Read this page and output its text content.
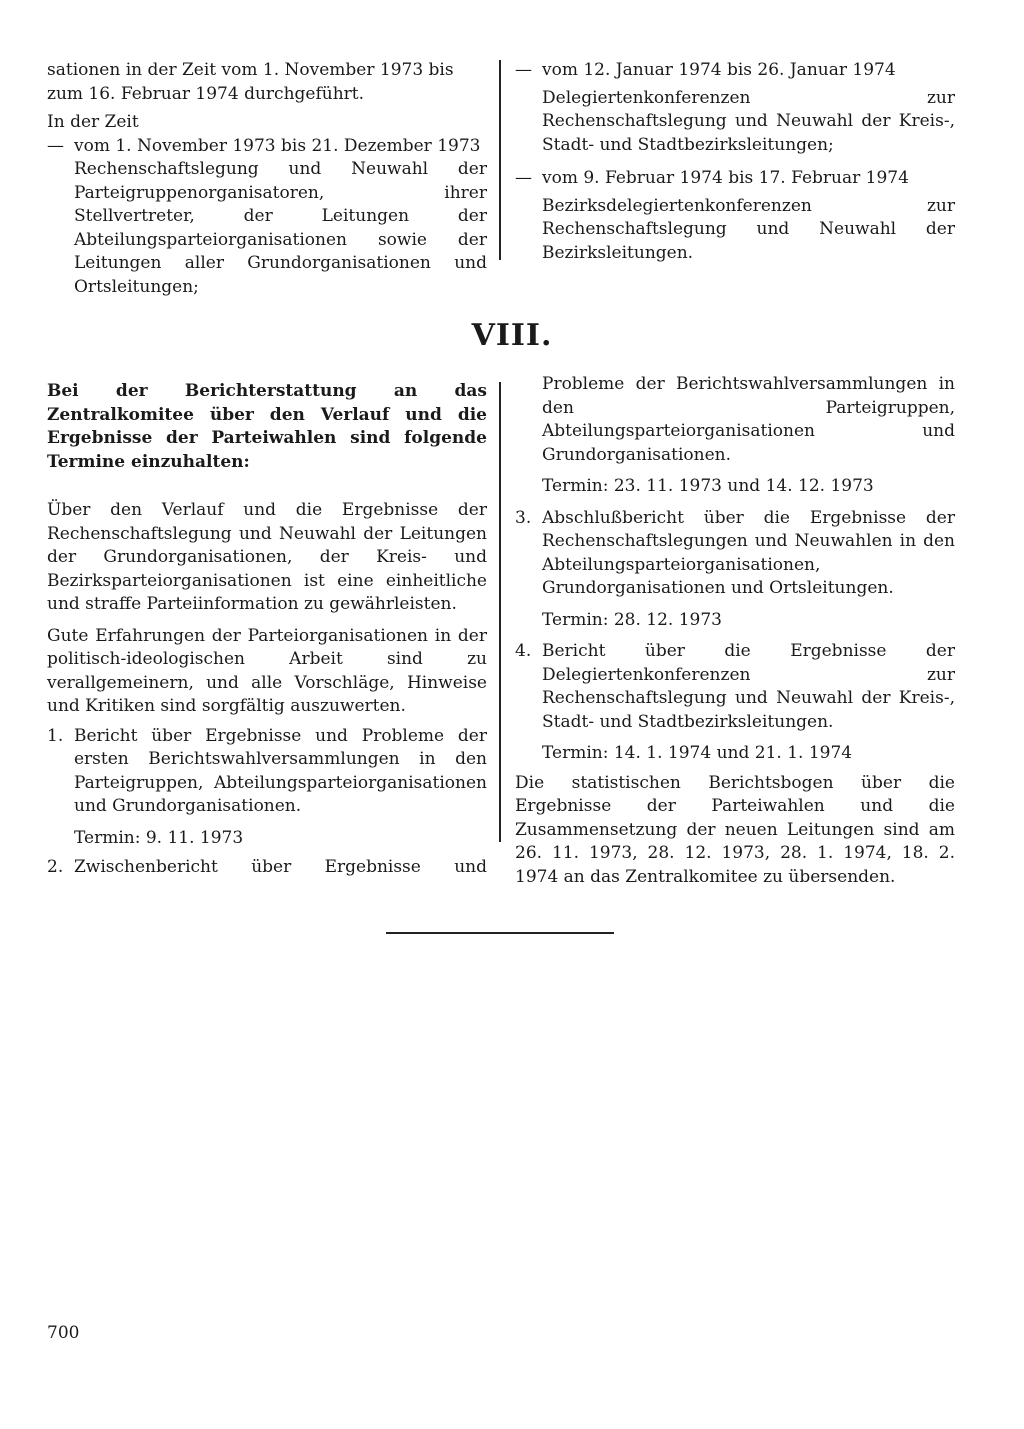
sationen in der Zeit vom 1. November 1973 bis

zum 16. Februar 1974 durchgeführt.

In der Zeit

— vom 1. November 1973 bis 21. Dezember 1973
Rechenschaftslegung und Neuwahl der Parteigruppenorganisatoren, ihrer Stellvertreter, der Leitungen der Abteilungsparteiorganisationen sowie der Leitungen aller Grundorganisationen und Ortsleitungen;
— vom 12. Januar 1974 bis 26. Januar 1974
Delegiertenkonferenzen zur Rechenschaftslegung und Neuwahl der Kreis-, Stadt- und Stadtbezirksleitungen;
— vom 9. Februar 1974 bis 17. Februar 1974
Bezirksdelegiertenkonferenzen zur Rechenschaftslegung und Neuwahl der Bezirksleitungen.
VIII.

Bei der Berichterstattung an das Zentralkomitee über den Verlauf und die Ergebnisse der Parteiwahlen sind folgende Termine einzuhalten:

Über den Verlauf und die Ergebnisse der Rechenschaftslegung und Neuwahl der Leitungen der Grundorganisationen, der Kreis- und Bezirksparteiorganisationen ist eine einheitliche und straffe Parteiinformation zu gewährleisten.

Gute Erfahrungen der Parteiorganisationen in der politisch-ideologischen Arbeit sind zu verallgemeinern, und alle Vorschläge, Hinweise und Kritiken sind sorgfältig auszuwerten.

1. Bericht über Ergebnisse und Probleme der ersten Berichtswahlversammlungen in den Parteigruppen, Abteilungsparteiorganisationen und Grundorganisationen.
Termin: 9. 11. 1973
2. Zwischenbericht über Ergebnisse und
Probleme der Berichtswahlversammlungen in den Parteigruppen, Abteilungsparteiorganisationen und Grundorganisationen.
Termin: 23. 11. 1973 und 14. 12. 1973
3. Abschlußbericht über die Ergebnisse der Rechenschaftslegungen und Neuwahlen in den Abteilungsparteiorganisationen, Grundorganisationen und Ortsleitungen.
Termin: 28. 12. 1973
4. Bericht über die Ergebnisse der Delegiertenkonferenzen zur Rechenschaftslegung und Neuwahl der Kreis-, Stadt- und Stadtbezirksleitungen.
Termin: 14. 1. 1974 und 21. 1. 1974

Die statistischen Berichtsbogen über die Ergebnisse der Parteiwahlen und die Zusammensetzung der neuen Leitungen sind am 26. 11. 1973, 28. 12. 1973, 28. 1. 1974, 18. 2. 1974 an das Zentralkomitee zu übersenden.

700
